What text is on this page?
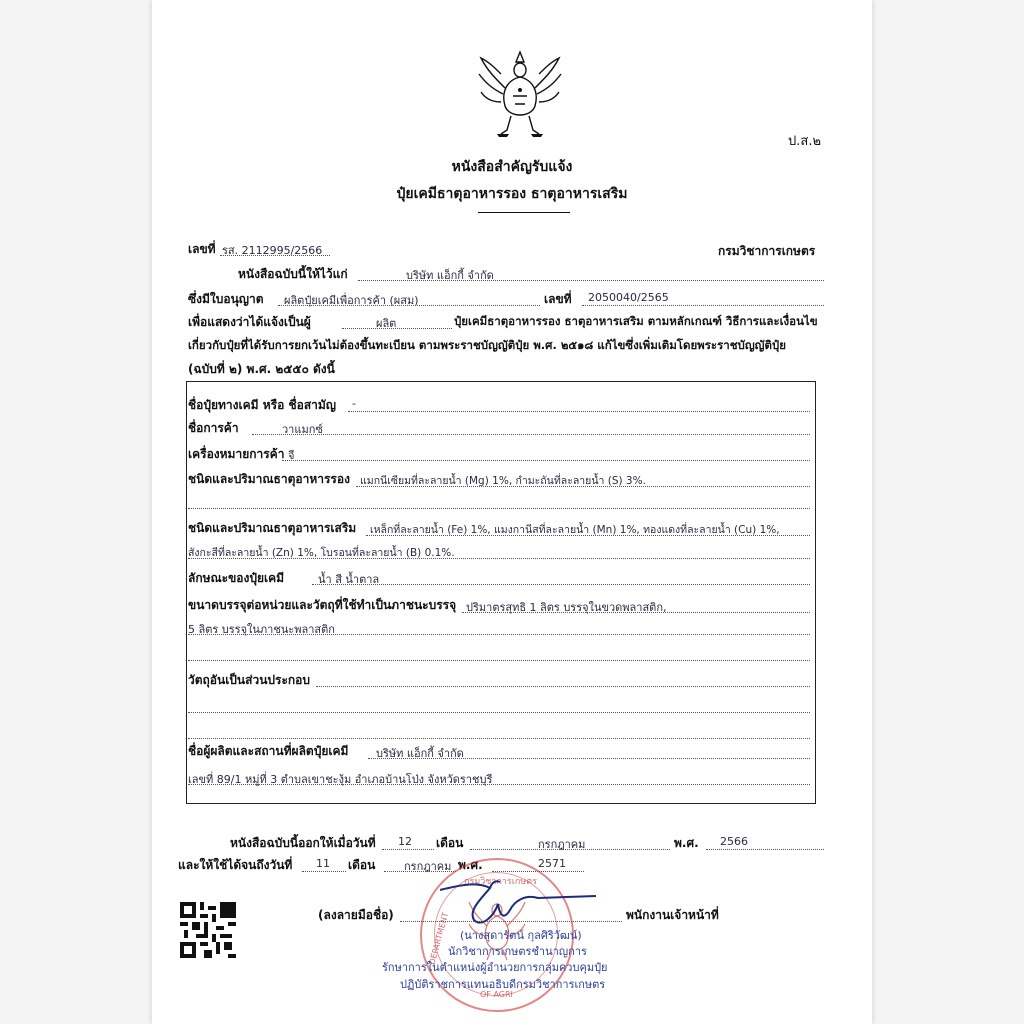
ป.ส.๒
หนังสือสำคัญรับแจ้ง
ปุ๋ยเคมีธาตุอาหารรอง ธาตุอาหารเสริม
เลขที่ รส. 2112995/2566	กรมวิชาการเกษตร
หนังสือฉบับนี้ให้ไว้แก่	บริษัท แอ็กกี้ จำกัด
ซึ่งมีใบอนุญาต ผลิตปุ๋ยเคมีเพื่อการค้า (ผสม)	เลขที่ 2050040/2565
เพื่อแสดงว่าได้แจ้งเป็นผู้	ผลิต	ปุ๋ยเคมีธาตุอาหารรอง ธาตุอาหารเสริม ตามหลักเกณฑ์ วิธีการและเงื่อนไข
เกี่ยวกับปุ๋ยที่ได้รับการยกเว้นไม่ต้องขึ้นทะเบียน ตามพระราชบัญญัติปุ๋ย พ.ศ. ๒๕๑๘ แก้ไขซึ่งเพิ่มเติมโดยพระราชบัญญัติปุ๋ย
(ฉบับที่ ๒) พ.ศ. ๒๕๕๐ ดังนี้
ชื่อปุ๋ยทางเคมี หรือ ชื่อสามัญ -
ชื่อการค้า	วาแมกซ์
เครื่องหมายการค้า จี
ชนิดและปริมาณธาตุอาหารรอง แมกนีเซียมที่ละลายน้ำ (Mg) 1%, กำมะถันที่ละลายน้ำ (S) 3%.
ชนิดและปริมาณธาตุอาหารเสริม เหล็กที่ละลายน้ำ (Fe) 1%, แมงกานีสที่ละลายน้ำ (Mn) 1%, ทองแดงที่ละลายน้ำ (Cu) 1%,
สังกะสีที่ละลายน้ำ (Zn) 1%, โบรอนที่ละลายน้ำ (B) 0.1%.
ลักษณะของปุ๋ยเคมี	น้ำ สี น้ำตาล
ขนาดบรรจุต่อหน่วยและวัตถุที่ใช้ทำเป็นภาชนะบรรจุ ปริมาตรสุทธิ 1 ลิตร บรรจุในขวดพลาสติก,
5 ลิตร บรรจุในภาชนะพลาสติก
วัตถุอันเป็นส่วนประกอบ
ชื่อผู้ผลิตและสถานที่ผลิตปุ๋ยเคมี	บริษัท แอ็กกี้ จำกัด
เลขที่ 89/1 หมู่ที่ 3 ตำบลเขาชะงุ้ม อำเภอบ้านโป่ง จังหวัดราชบุรี
หนังสือฉบับนี้ออกให้เมื่อวันที่ 12 เดือน	กรกฎาคม	พ.ศ. 2566
และให้ใช้ได้จนถึงวันที่ 11 เดือน	กรกฎาคม พ.ศ.	2571
กรมวิชาการเกษตร
DEPARTMENT
OF AGRI
(ลงลายมือชื่อ)	พนักงานเจ้าหน้าที่
(นางสุดารัตน์ กุลศิริวัฒน์)
นักวิชาการเกษตรชำนาญการ
รักษาการในตำแหน่งผู้อำนวยการกลุ่มควบคุมปุ๋ย
ปฏิบัติราชการแทนอธิบดีกรมวิชาการเกษตร
